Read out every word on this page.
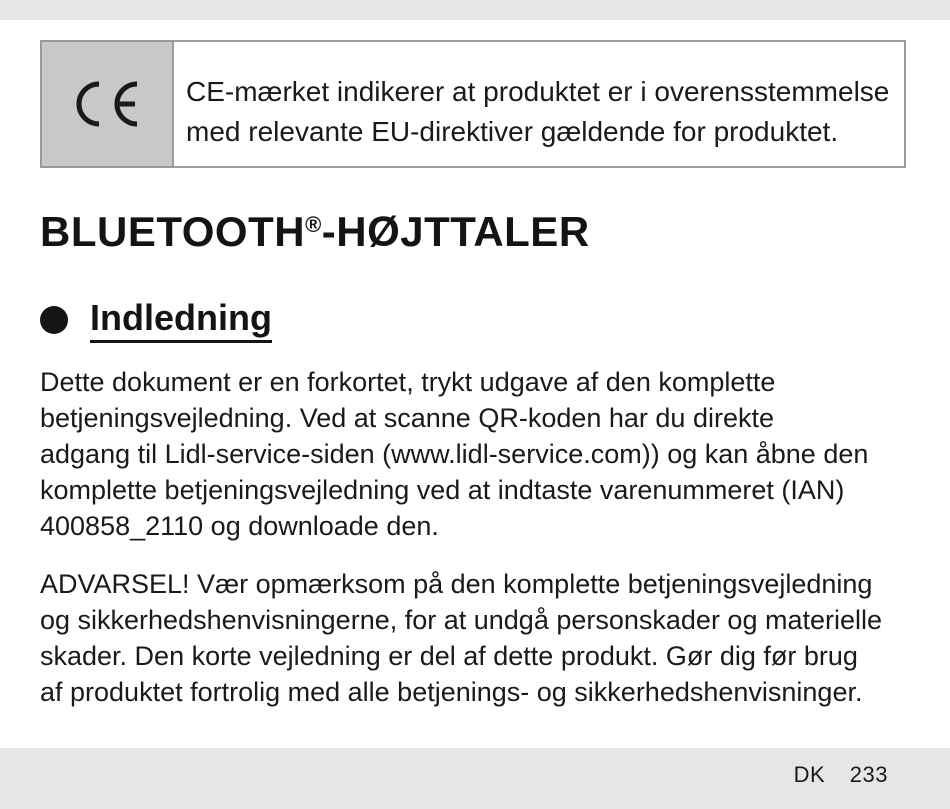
CE-mærket indikerer at produktet er i overensstemmelse
med relevante EU-direktiver gældende for produktet.
BLUETOOTH®-HØJTTALER
Indledning
Dette dokument er en forkortet, trykt udgave af den komplette
betjeningsvejledning. Ved at scanne QR-koden har du direkte
adgang til Lidl-service-siden (www.lidl-service.com)) og kan åbne den
komplette betjeningsvejledning ved at indtaste varenummeret (IAN)
400858_2110 og downloade den.
ADVARSEL! Vær opmærksom på den komplette betjeningsvejledning
og sikkerhedshenvisningerne, for at undgå personskader og materielle
skader. Den korte vejledning er del af dette produkt. Gør dig før brug
af produktet fortrolig med alle betjenings- og sikkerhedshenvisninger.
DK 233
